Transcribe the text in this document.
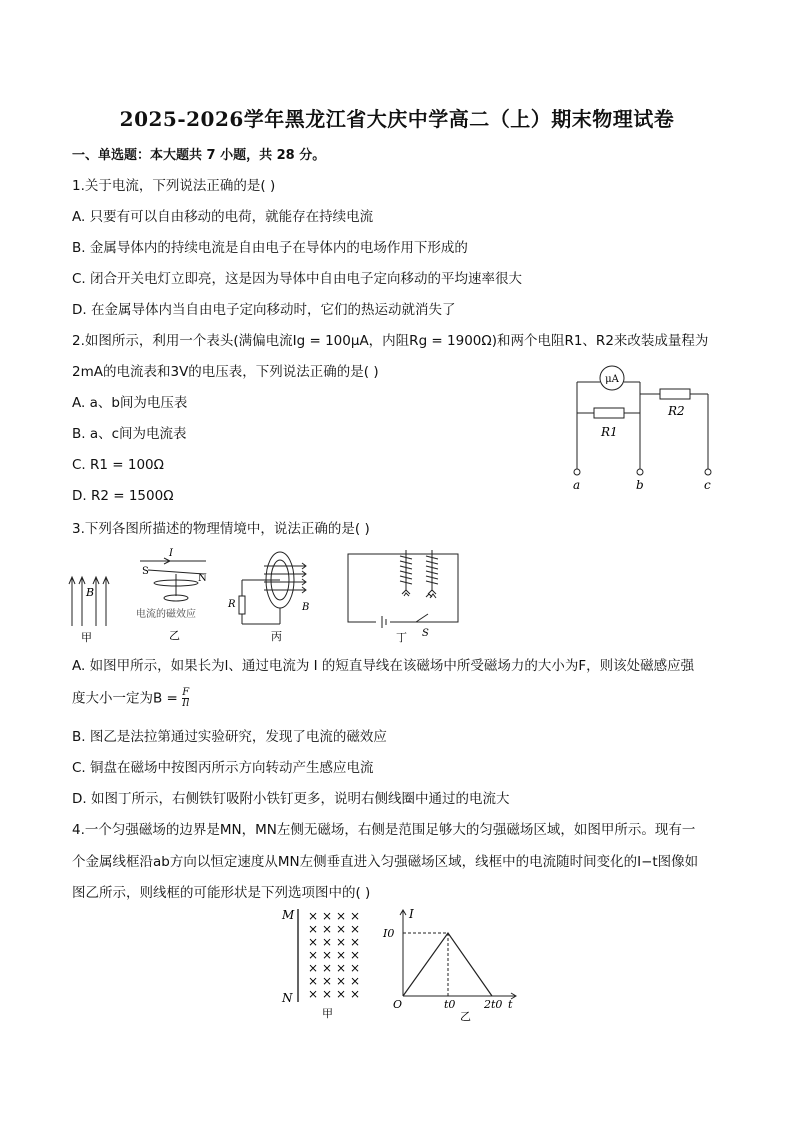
2025-2026学年黑龙江省大庆中学高二（上）期末物理试卷
一、单选题：本大题共 7 小题，共 28 分。
1.关于电流，下列说法正确的是( )
A. 只要有可以自由移动的电荷，就能存在持续电流
B. 金属导体内的持续电流是自由电子在导体内的电场作用下形成的
C. 闭合开关电灯立即亮，这是因为导体中自由电子定向移动的平均速率很大
D. 在金属导体内当自由电子定向移动时，它们的热运动就消失了
2.如图所示，利用一个表头(满偏电流Ig = 100μA，内阻Rg = 1900Ω)和两个电阻R1、R2来改装成量程为
2mA的电流表和3V的电压表，下列说法正确的是( )
A. a、b间为电压表
B. a、c间为电流表
C. R1 = 100Ω
D. R2 = 1500Ω
μA
R1
R2
a	b	c
3.下列各图所描述的物理情境中，说法正确的是( )
B
甲
I
S
N
电流的磁效应
乙
R	B
丙	S
丁
A. 如图甲所示，如果长为l、通过电流为 I 的短直导线在该磁场中所受磁场力的大小为F，则该处磁感应强
度大小一定为$B = \frac{F}{Il}$
B. 图乙是法拉第通过实验研究，发现了电流的磁效应
C. 铜盘在磁场中按图丙所示方向转动产生感应电流
D. 如图丁所示，右侧铁钉吸附小铁钉更多，说明右侧线圈中通过的电流大
4.一个匀强磁场的边界是MN，MN左侧无磁场，右侧是范围足够大的匀强磁场区域，如图甲所示。现有一
个金属线框沿ab方向以恒定速度从MN左侧垂直进入匀强磁场区域，线框中的电流随时间变化的I−t图像如
图乙所示，则线框的可能形状是下列选项图中的( )
M
N
× × × ×
× × × ×
× × × ×
× × × ×
× × × ×
× × × ×
× × × ×
甲
I
I0
O	t0	2t0 t
乙
